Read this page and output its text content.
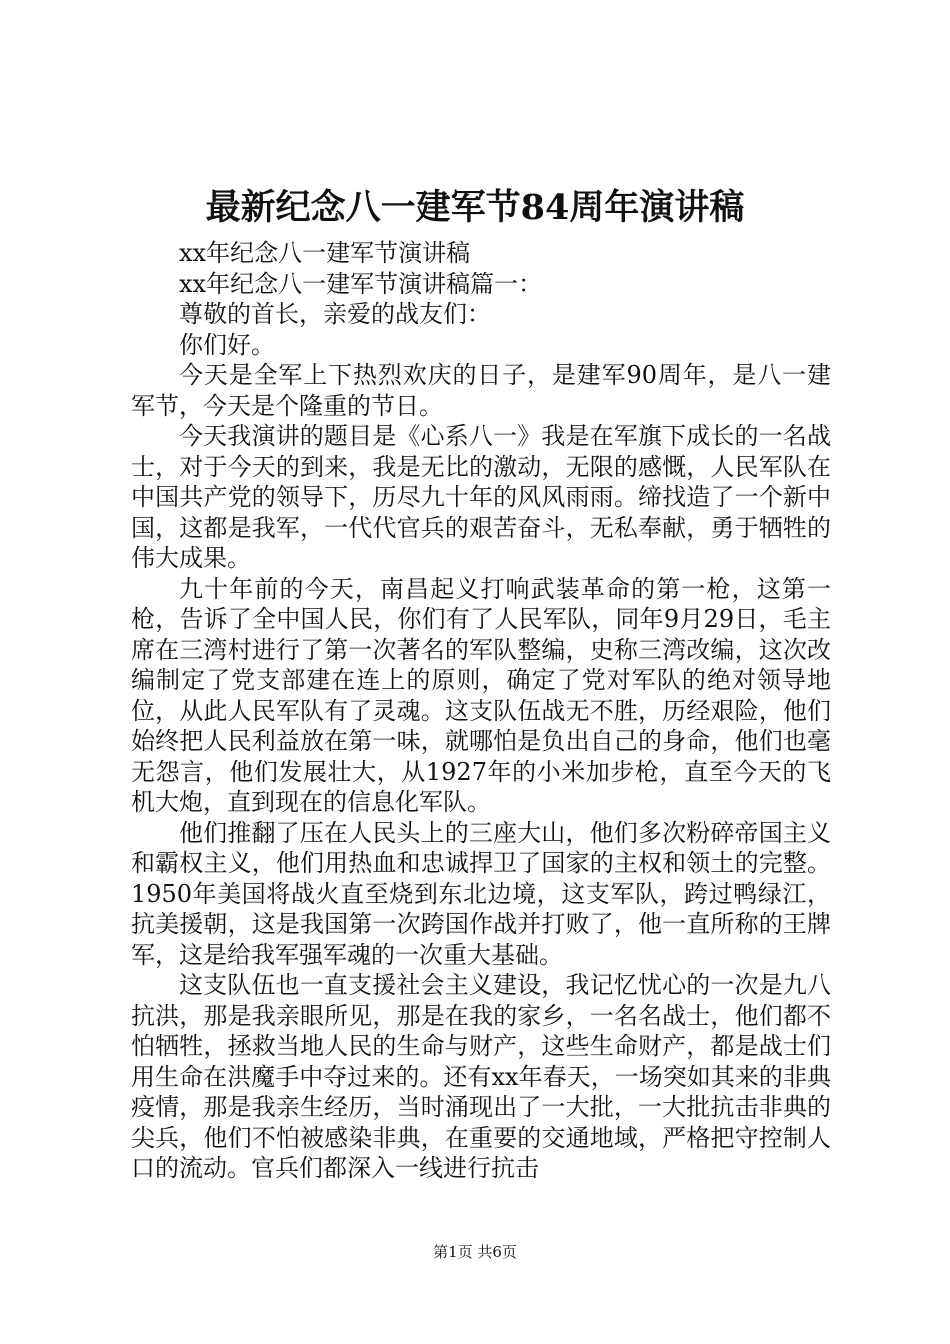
最新纪念八一建军节84周年演讲稿

xx年纪念八一建军节演讲稿

xx年纪念八一建军节演讲稿篇一：

尊敬的首长，亲爱的战友们：

你们好。

今天是全军上下热烈欢庆的日子，是建军90周年，是八一建军节，今天是个隆重的节日。

今天我演讲的题目是《心系八一》我是在军旗下成长的一名战士，对于今天的到来，我是无比的激动，无限的感慨，人民军队在中国共产党的领导下，历尽九十年的风风雨雨。缔找造了一个新中国，这都是我军，一代代官兵的艰苦奋斗，无私奉献，勇于牺牲的伟大成果。

九十年前的今天，南昌起义打响武装革命的第一枪，这第一枪，告诉了全中国人民，你们有了人民军队，同年9月29日，毛主席在三湾村进行了第一次著名的军队整编，史称三湾改编，这次改编制定了党支部建在连上的原则，确定了党对军队的绝对领导地位，从此人民军队有了灵魂。这支队伍战无不胜，历经艰险，他们始终把人民利益放在第一味，就哪怕是负出自己的身命，他们也毫无怨言，他们发展壮大，从1927年的小米加步枪，直至今天的飞机大炮，直到现在的信息化军队。

他们推翻了压在人民头上的三座大山，他们多次粉碎帝国主义和霸权主义，他们用热血和忠诚捍卫了国家的主权和领土的完整。1950年美国将战火直至烧到东北边境，这支军队，跨过鸭绿江，抗美援朝，这是我国第一次跨国作战并打败了，他一直所称的王牌军，这是给我军强军魂的一次重大基础。

这支队伍也一直支援社会主义建设，我记忆忧心的一次是九八抗洪，那是我亲眼所见，那是在我的家乡，一名名战士，他们都不怕牺牲，拯救当地人民的生命与财产，这些生命财产，都是战士们用生命在洪魔手中夺过来的。还有xx年春天，一场突如其来的非典疫情，那是我亲生经历，当时涌现出了一大批，一大批抗击非典的尖兵，他们不怕被感染非典，在重要的交通地域，严格把守控制人口的流动。官兵们都深入一线进行抗击

第1页 共6页
